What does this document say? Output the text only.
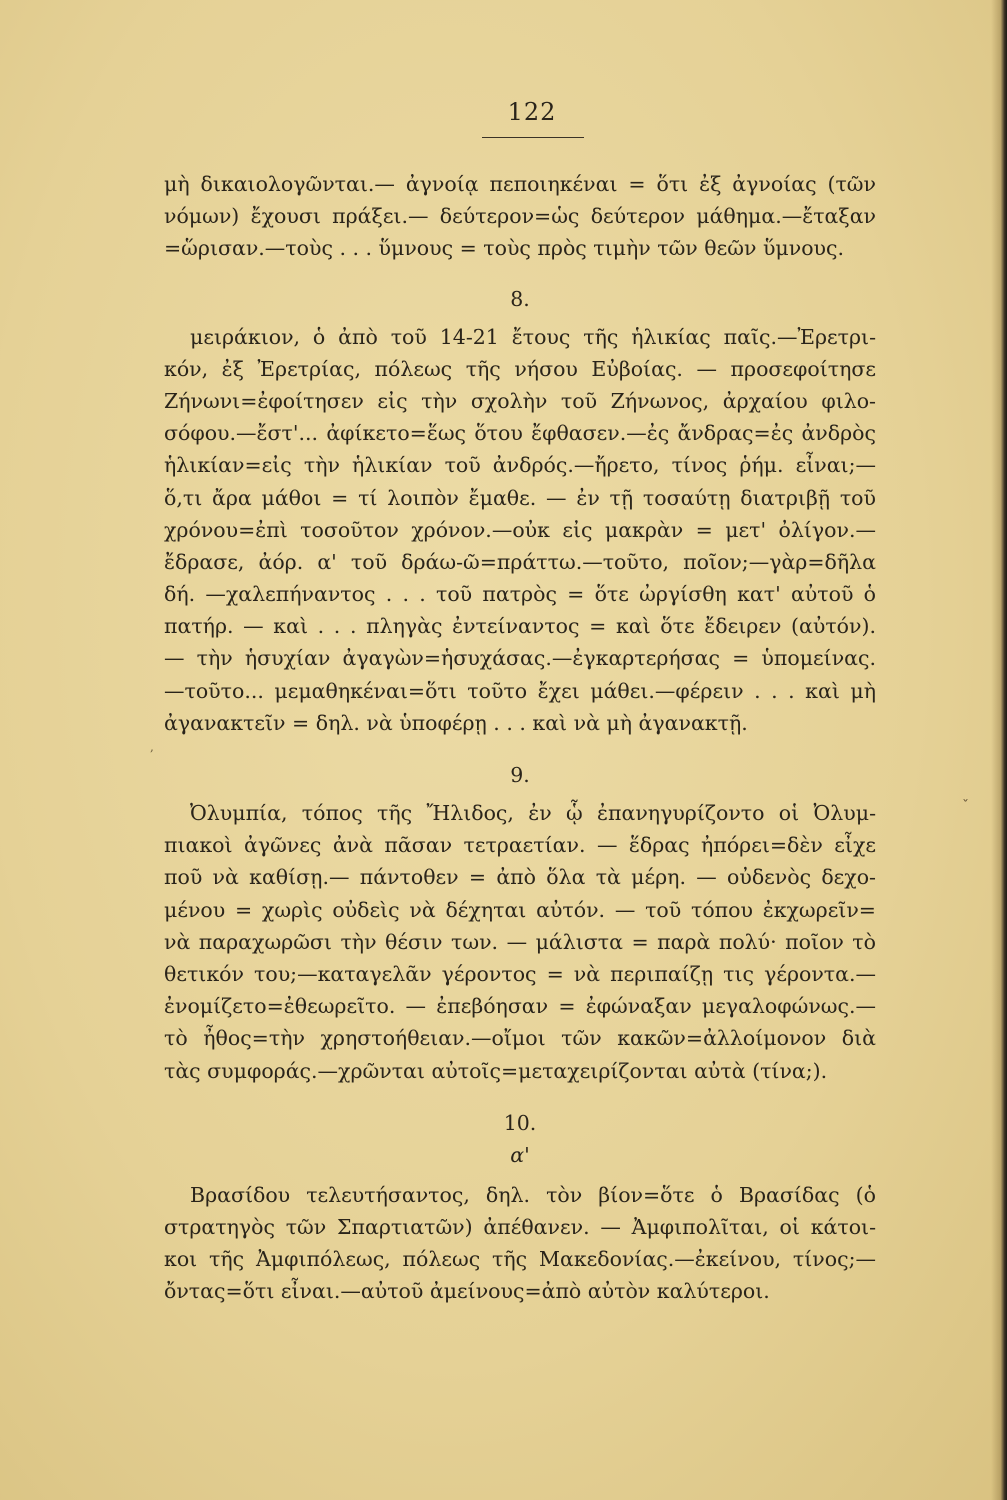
122
μὴ δικαιολογῶνται.— ἀγνοίᾳ πεποιηκέναι = ὅτι ἐξ ἀγνοίας (τῶν
νόμων) ἔχουσι πράξει.— δεύτερον=ὡς δεύτερον μάθημα.—ἔταξαν
=ὥρισαν.—τοὺς . . . ὕμνους = τοὺς πρὸς τιμὴν τῶν θεῶν ὕμνους.
8.
μειράκιον, ὁ ἀπὸ τοῦ 14-21 ἔτους τῆς ἡλικίας παῖς.—Ἐρετρι-
κόν, ἐξ Ἐρετρίας, πόλεως τῆς νήσου Εὐβοίας. — προσεφοίτησε
Ζήνωνι=ἐφοίτησεν εἰς τὴν σχολὴν τοῦ Ζήνωνος, ἀρχαίου φιλο-
σόφου.—ἔστ'... ἀφίκετο=ἕως ὅτου ἔφθασεν.—ἐς ἄνδρας=ἐς ἀνδρὸς
ἡλικίαν=εἰς τὴν ἡλικίαν τοῦ ἀνδρός.—ἤρετο, τίνος ῥήμ. εἶναι;—
ὅ,τι ἄρα μάθοι = τί λοιπὸν ἔμαθε. — ἐν τῇ τοσαύτῃ διατριβῇ τοῦ
χρόνου=ἐπὶ τοσοῦτον χρόνον.—οὐκ εἰς μακρὰν = μετ' ὀλίγον.—
ἔδρασε, ἀόρ. α' τοῦ δράω-ῶ=πράττω.—τοῦτο, ποῖον;—γὰρ=δῆλα
δή. —χαλεπήναντος . . . τοῦ πατρὸς = ὅτε ὠργίσθη κατ' αὐτοῦ ὁ
πατήρ. — καὶ . . . πληγὰς ἐντείναντος = καὶ ὅτε ἔδειρεν (αὐτόν).
— τὴν ἡσυχίαν ἀγαγὼν=ἡσυχάσας.—ἐγκαρτερήσας = ὑπομείνας.
—τοῦτο... μεμαθηκέναι=ὅτι τοῦτο ἔχει μάθει.—φέρειν . . . καὶ μὴ
ἀγανακτεῖν = δηλ. νὰ ὑποφέρῃ . . . καὶ νὰ μὴ ἀγανακτῇ.
9.
Ὀλυμπία, τόπος τῆς Ἤλιδος, ἐν ᾧ ἐπανηγυρίζοντο οἱ Ὀλυμ-
πιακοὶ ἀγῶνες ἀνὰ πᾶσαν τετραετίαν. — ἕδρας ἠπόρει=δὲν εἶχε
ποῦ νὰ καθίσῃ.— πάντοθεν = ἀπὸ ὅλα τὰ μέρη. — οὐδενὸς δεχο-
μένου = χωρὶς οὐδεὶς νὰ δέχηται αὐτόν. — τοῦ τόπου ἐκχωρεῖν=
νὰ παραχωρῶσι τὴν θέσιν των. — μάλιστα = παρὰ πολύ· ποῖον τὸ
θετικόν του;—καταγελᾶν γέροντος = νὰ περιπαίζῃ τις γέροντα.—
ἐνομίζετο=ἐθεωρεῖτο. — ἐπεβόησαν = ἐφώναξαν μεγαλοφώνως.—
τὸ ἦθος=τὴν χρηστοήθειαν.—οἴμοι τῶν κακῶν=ἀλλοίμονον διὰ
τὰς συμφοράς.—χρῶνται αὐτοῖς=μεταχειρίζονται αὐτὰ (τίνα;).
10.
α'
Βρασίδου τελευτήσαντος, δηλ. τὸν βίον=ὅτε ὁ Βρασίδας (ὁ
στρατηγὸς τῶν Σπαρτιατῶν) ἀπέθανεν. — Ἀμφιπολῖται, οἱ κάτοι-
κοι τῆς Ἀμφιπόλεως, πόλεως τῆς Μακεδονίας.—ἐκείνου, τίνος;—
ὄντας=ὅτι εἶναι.—αὐτοῦ ἀμείνους=ἀπὸ αὐτὸν καλύτεροι.
ˇ
,
